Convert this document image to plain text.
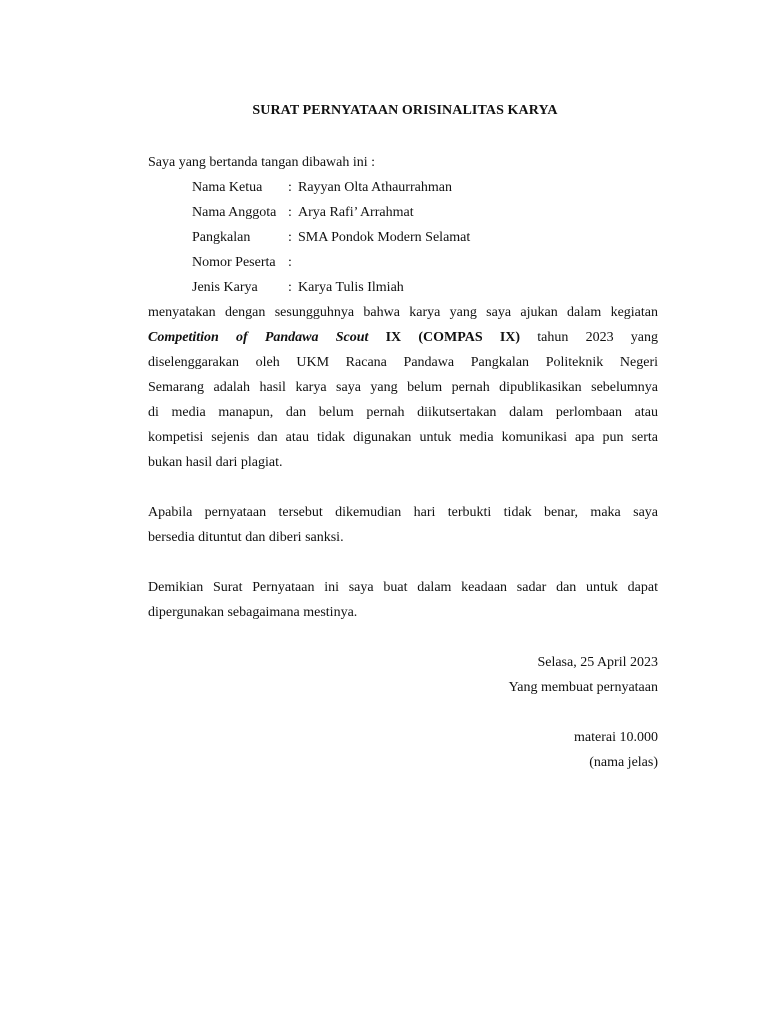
SURAT PERNYATAAN ORISINALITAS KARYA
Saya yang bertanda tangan dibawah ini :
Nama Ketua	: Rayyan Olta Athaurrahman
Nama Anggota : Arya Rafi’ Arrahmat
Pangkalan	: SMA Pondok Modern Selamat
Nomor Peserta :
Jenis Karya	: Karya Tulis Ilmiah
menyatakan dengan sesungguhnya bahwa karya yang saya ajukan dalam kegiatan
Competition of Pandawa Scout IX (COMPAS IX) tahun 2023 yang
diselenggarakan oleh UKM Racana Pandawa Pangkalan Politeknik Negeri
Semarang adalah hasil karya saya yang belum pernah dipublikasikan sebelumnya
di media manapun, dan belum pernah diikutsertakan dalam perlombaan atau
kompetisi sejenis dan atau tidak digunakan untuk media komunikasi apa pun serta
bukan hasil dari plagiat.
Apabila pernyataan tersebut dikemudian hari terbukti tidak benar, maka saya
bersedia dituntut dan diberi sanksi.
Demikian Surat Pernyataan ini saya buat dalam keadaan sadar dan untuk dapat
dipergunakan sebagaimana mestinya.
Selasa, 25 April 2023
Yang membuat pernyataan
materai 10.000
(nama jelas)
